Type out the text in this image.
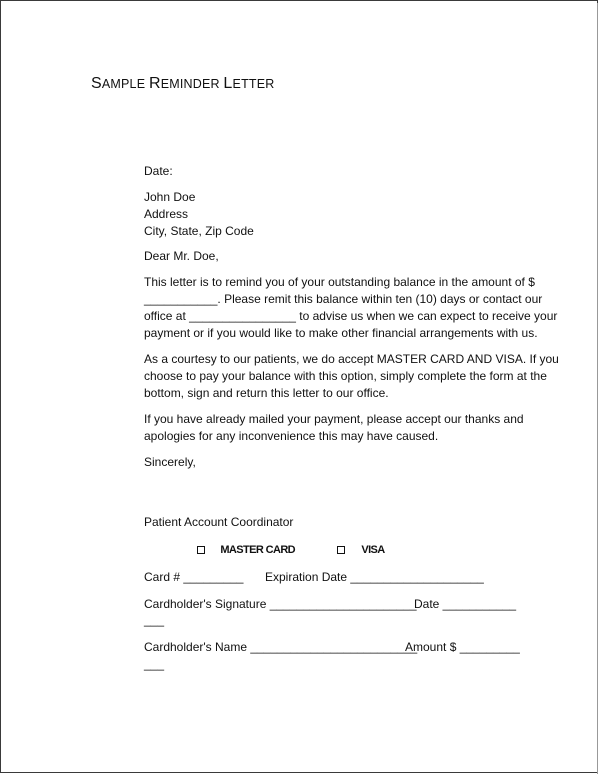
SAMPLE REMINDER LETTER

Date:

John Doe

Address

City, State, Zip Code

Dear Mr. Doe,

This letter is to remind you of your outstanding balance in the amount of $

___________. Please remit this balance within ten (10) days or contact our

office at ________________ to advise us when we can expect to receive your

payment or if you would like to make other financial arrangements with us.

As a courtesy to our patients, we do accept MASTER CARD AND VISA. If you

choose to pay your balance with this option, simply complete the form at the

bottom, sign and return this letter to our office.

If you have already mailed your payment, please accept our thanks and

apologies for any inconvenience this may have caused.

Sincerely,

Patient Account Coordinator
MASTER CARD	VISA
Card # _________ Expiration Date ____________________
Cardholder's Signature ______________________
Date ___________
___
Cardholder's Name _________________________
Amount $ _________
___
